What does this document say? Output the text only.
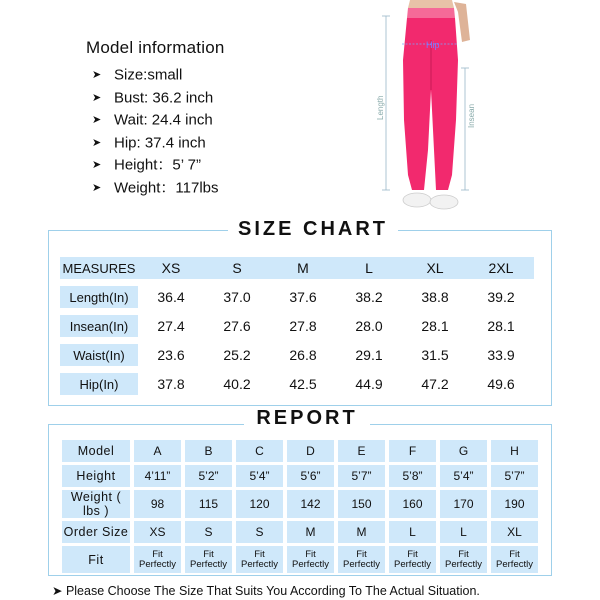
Model information
➤ Size:small
➤ Bust: 36.2 inch
➤ Wait: 24.4 inch
➤ Hip: 37.4 inch
➤ Height：5’ 7”
➤ Weight：117lbs
Hip
Length	Insean
SIZE CHART
MEASURES	XS	S	M	L	XL	2XL
Length(In)	36.4	37.0	37.6	38.2	38.8	39.2
Insean(In)	27.4	27.6	27.8	28.0	28.1	28.1
Waist(In)	23.6	25.2	26.8	29.1	31.5	33.9
Hip(In)	37.8	40.2	42.5	44.9	47.2	49.6
REPORT
Model	A	B	C	D	E	F	G	H
Height	4’11”	5’2”	5’4”	5’6”	5’7”	5’8”	5’4”	5’7”
Weight ( lbs )	98	115	120	142	150	160	170	190
Order Size	XS	S	S	M	M	L	L	XL
Fit	Fit Perfectly	Fit Perfectly	Fit Perfectly	Fit Perfectly	Fit Perfectly	Fit Perfectly	Fit Perfectly	Fit Perfectly
➤ Please Choose The Size That Suits You According To The Actual Situation.
